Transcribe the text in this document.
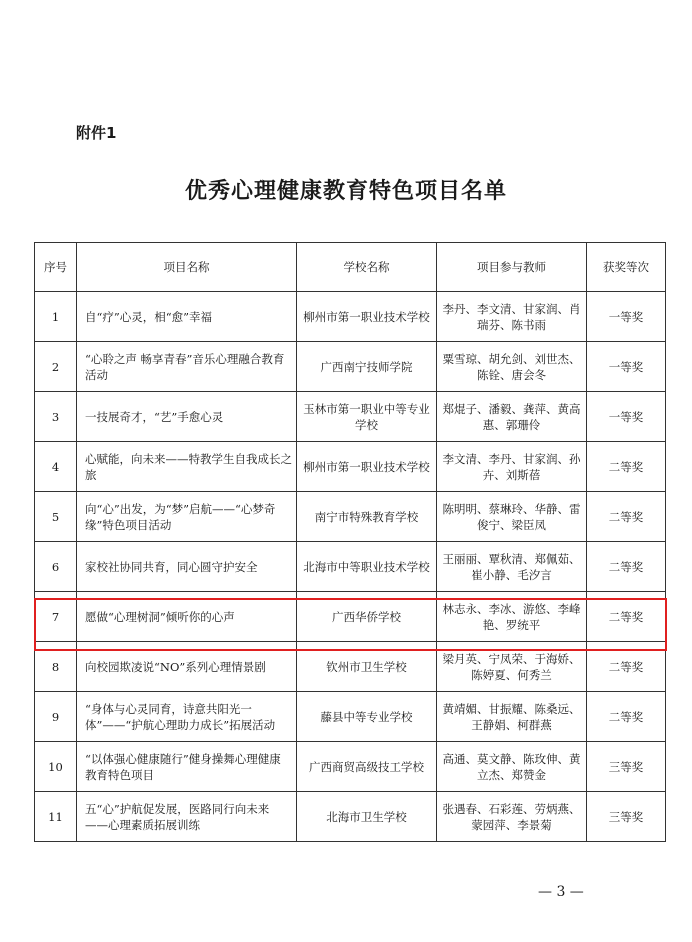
附件1
优秀心理健康教育特色项目名单
序号	项目名称	学校名称	项目参与教师	获奖等次
1	自“疗”心灵，相“愈”幸福	柳州市第一职业技术学校	李丹、李文清、甘家润、肖瑞芬、陈书雨	一等奖
2	“心聆之声 畅享青春”音乐心理融合教育活动	广西南宁技师学院	粟雪琼、胡允剑、刘世杰、陈铨、唐会冬	一等奖
3	一技展奇才，“艺”手愈心灵	玉林市第一职业中等专业学校	郑焜子、潘毅、龚萍、黄高惠、郭珊伶	一等奖
4	心赋能，向未来——特教学生自我成长之旅	柳州市第一职业技术学校	李文清、李丹、甘家润、孙卉、刘斯蓓	二等奖
5	向“心”出发，为“梦”启航——“心梦奇缘”特色项目活动	南宁市特殊教育学校	陈明明、蔡琳玲、华静、雷俊宁、梁臣凤	二等奖
6	家校社协同共育，同心圆守护安全	北海市中等职业技术学校	王丽丽、覃秋清、郑佩茹、崔小静、毛汐言	二等奖
7	愿做“心理树洞”倾听你的心声	广西华侨学校	林志永、李冰、游悠、李峰艳、罗统平	二等奖
8	向校园欺凌说“NO”系列心理情景剧	钦州市卫生学校	梁月英、宁凤荣、于海娇、陈婷夏、何秀兰	二等奖
9	“身体与心灵同育，诗意共阳光一体”——“护航心理助力成长”拓展活动	藤县中等专业学校	黄靖媚、甘振耀、陈桑远、王静娟、柯群燕	二等奖
10	“以体强心健康随行”健身操舞心理健康教育特色项目	广西商贸高级技工学校	高通、莫文静、陈玫伸、黄立杰、郑赞金	三等奖
11	五“心”护航促发展，医路同行向未来——心理素质拓展训练	北海市卫生学校	张遇春、石彩莲、劳炳燕、蒙园萍、李景菊	三等奖
— 3 —
